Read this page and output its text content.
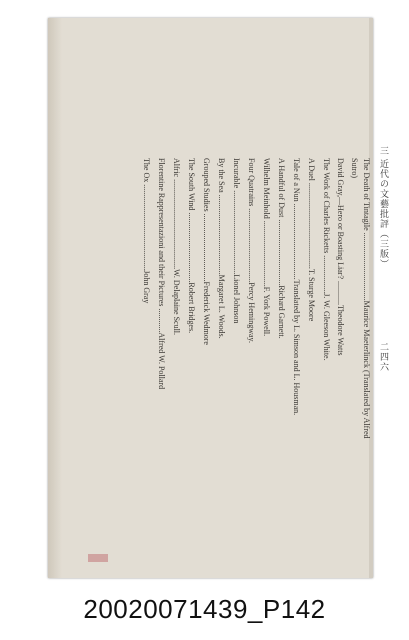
三 近代の文藝批評（三版）
二四六
The Death of Tintagile ..................................Maurice Maeterlinck (Translated by Alfred
Sutro)
David Gray,—Hero or Boasting Liar? ............Theodore Watts
The Work of Charles Ricketts ...................J. W. Gleeson White.
A Duel ...........................................T. Sturge Moore
Tale of a Nun ......................................Translated by L. Simson and L. Housman.
A Handful of Dust .................................Richard Garnett.
Wilhelm Meinhold .................................F. York Powell.
Four Quatrains .....................................Percy Hemingway.
Incurable ..........................................Lionel Johnson
By the Sea ........................................Margaret L. Woods.
Grouped Studies ..................................Frederick Wedmore
The South Wind ...................................Robert Bridges.
Alfric .............................................W. Delaplaine Scull.
Florentine Rappresentazioni and their Pictures ............Alfred W. Pollard
The Ox ...........................................John Gray
20020071439_P142
